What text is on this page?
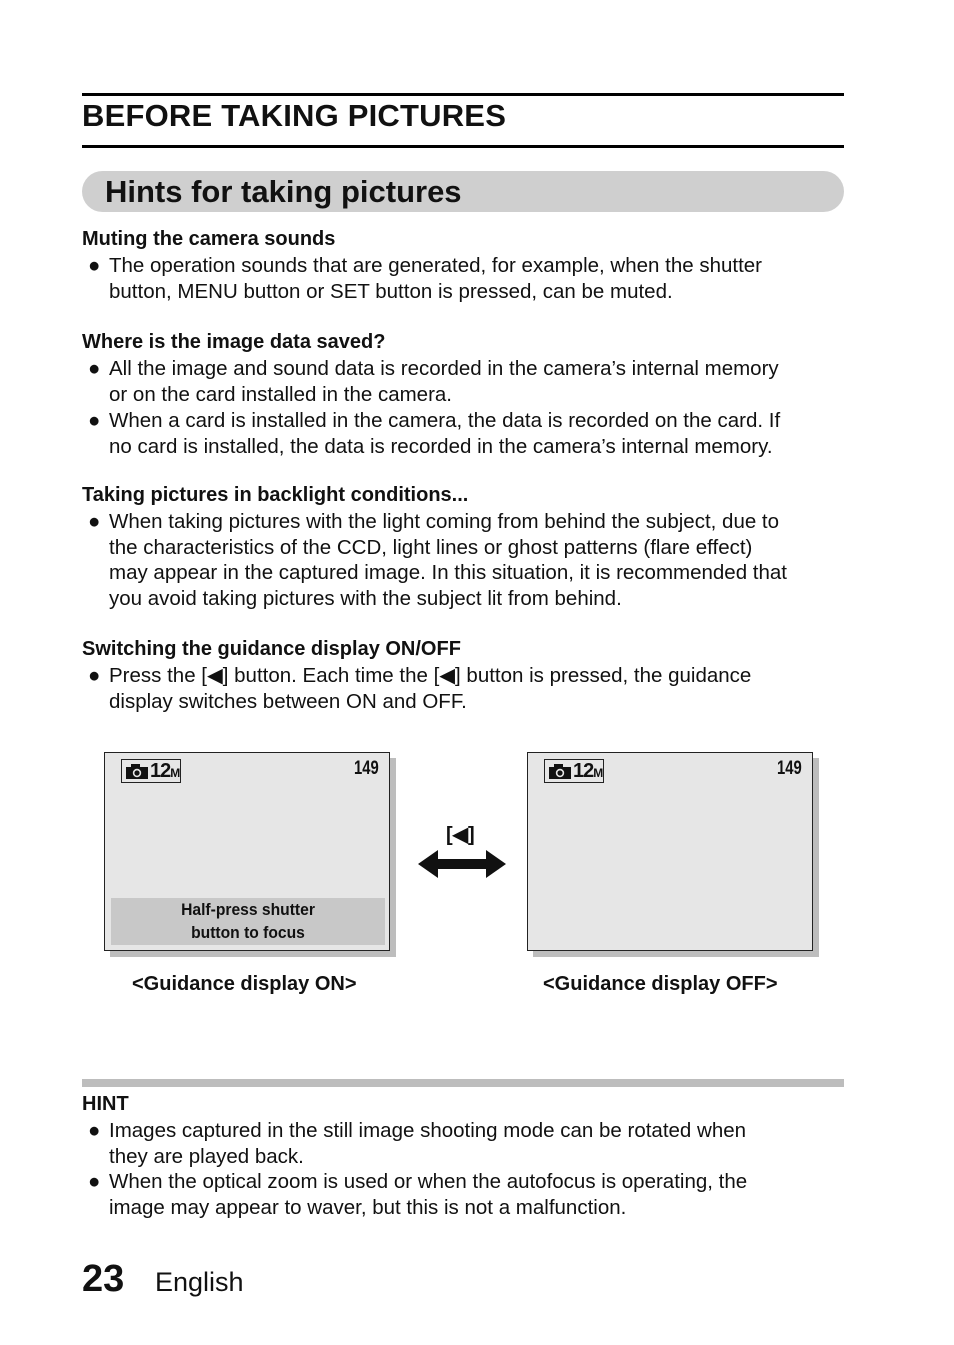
BEFORE TAKING PICTURES
Hints for taking pictures
Muting the camera sounds
● The operation sounds that are generated, for example, when the shutter
button, MENU button or SET button is pressed, can be muted.
Where is the image data saved?
● All the image and sound data is recorded in the camera’s internal memory
or on the card installed in the camera.
● When a card is installed in the camera, the data is recorded on the card. If
no card is installed, the data is recorded in the camera’s internal memory.
Taking pictures in backlight conditions...
● When taking pictures with the light coming from behind the subject, due to
the characteristics of the CCD, light lines or ghost patterns (flare effect)
may appear in the captured image. In this situation, it is recommended that
you avoid taking pictures with the subject lit from behind.
Switching the guidance display ON/OFF
● Press the [◀] button. Each time the [◀] button is pressed, the guidance
display switches between ON and OFF.
12M	149
Half-press shutter
button to focus
<Guidance display ON>
[◀]
12M	149
<Guidance display OFF>
HINT
● Images captured in the still image shooting mode can be rotated when
they are played back.
● When the optical zoom is used or when the autofocus is operating, the
image may appear to waver, but this is not a malfunction.
23 English
